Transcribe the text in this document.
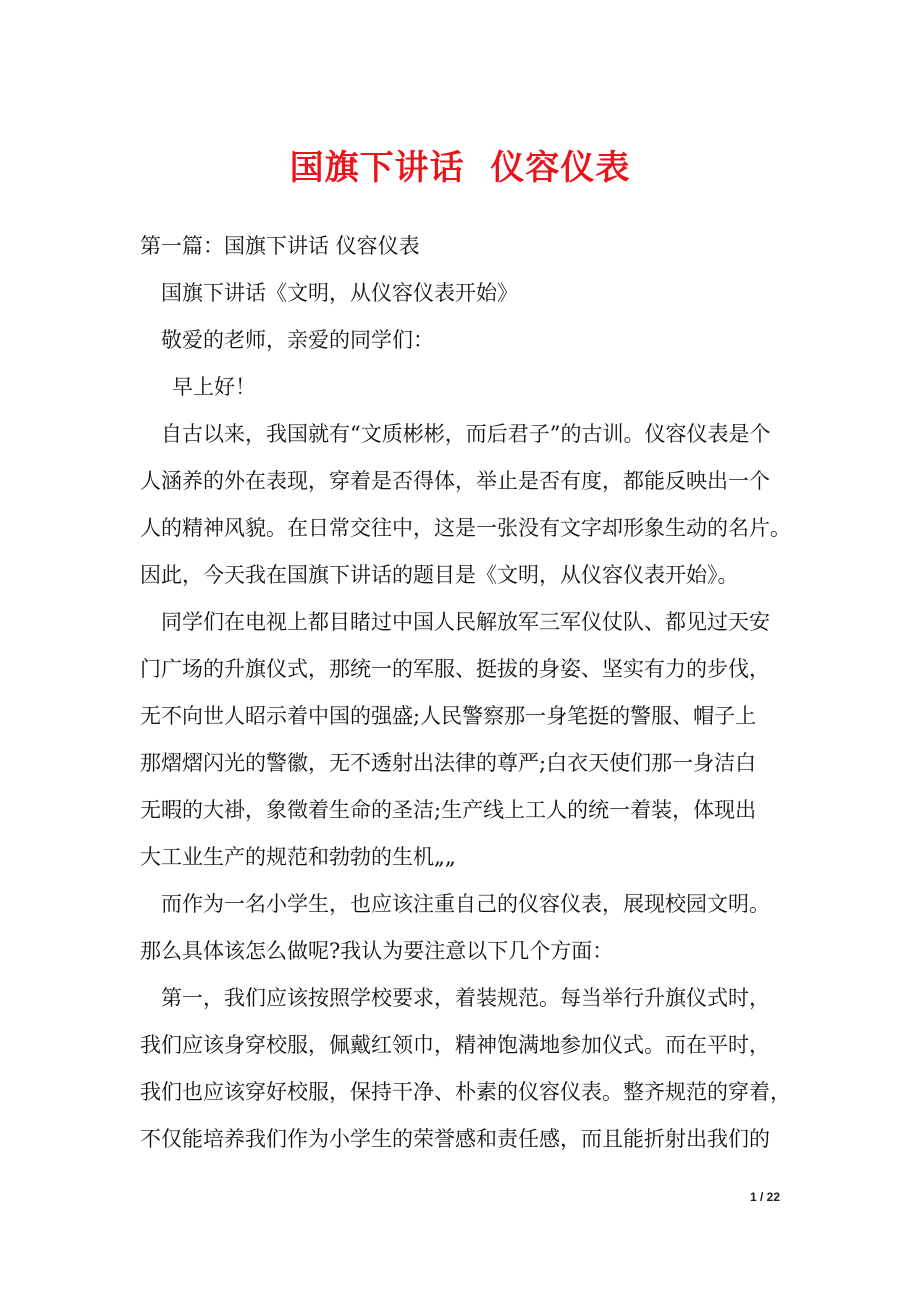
国旗下讲话  仪容仪表
第一篇：国旗下讲话 仪容仪表
国旗下讲话《文明，从仪容仪表开始》
敬爱的老师，亲爱的同学们：
早上好！
自古以来，我国就有“文质彬彬，而后君子”的古训。仪容仪表是个
人涵养的外在表现，穿着是否得体，举止是否有度，都能反映出一个
人的精神风貌。在日常交往中，这是一张没有文字却形象生动的名片。
因此，今天我在国旗下讲话的题目是《文明，从仪容仪表开始》。
同学们在电视上都目睹过中国人民解放军三军仪仗队、都见过天安
门广场的升旗仪式，那统一的军服、挺拔的身姿、坚实有力的步伐，
无不向世人昭示着中国的强盛;人民警察那一身笔挺的警服、帽子上
那熠熠闪光的警徽，无不透射出法律的尊严;白衣天使们那一身洁白
无暇的大褂，象徵着生命的圣洁;生产线上工人的统一着装，体现出
大工业生产的规范和勃勃的生机„„
而作为一名小学生，也应该注重自己的仪容仪表，展现校园文明。
那么具体该怎么做呢?我认为要注意以下几个方面：
第一，我们应该按照学校要求，着装规范。每当举行升旗仪式时，
我们应该身穿校服，佩戴红领巾，精神饱满地参加仪式。而在平时，
我们也应该穿好校服，保持干净、朴素的仪容仪表。整齐规范的穿着，
不仅能培养我们作为小学生的荣誉感和责任感，而且能折射出我们的
1 / 22
